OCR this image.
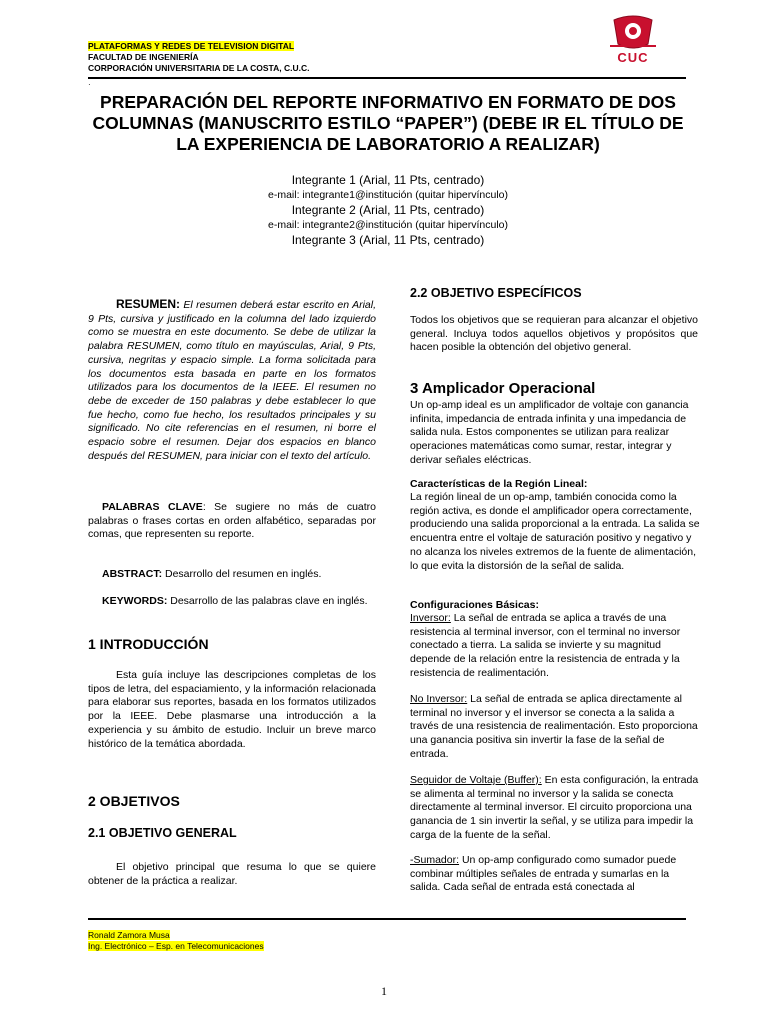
PLATAFORMAS Y REDES DE TELEVISION DIGITAL
FACULTAD DE INGENIERÍA
CORPORACIÓN UNIVERSITARIA DE LA COSTA, C.U.C.
CUC
·
PREPARACIÓN DEL REPORTE INFORMATIVO EN FORMATO DE DOS COLUMNAS (MANUSCRITO ESTILO “PAPER”) (DEBE IR EL TÍTULO DE LA EXPERIENCIA DE LABORATORIO A REALIZAR)
Integrante 1 (Arial, 11 Pts, centrado)
e-mail: integrante1@institución (quitar hipervínculo)
Integrante 2 (Arial, 11 Pts, centrado)
e-mail: integrante2@institución (quitar hipervínculo)
Integrante 3 (Arial, 11 Pts, centrado)
RESUMEN: El resumen deberá estar escrito en Arial, 9 Pts, cursiva y justificado en la columna del lado izquierdo como se muestra en este documento. Se debe de utilizar la palabra RESUMEN, como título en mayúsculas, Arial, 9 Pts, cursiva, negritas y espacio simple. La forma solicitada para los documentos esta basada en parte en los formatos utilizados para los documentos de la IEEE. El resumen no debe de exceder de 150 palabras y debe establecer lo que fue hecho, como fue hecho, los resultados principales y su significado. No cite referencias en el resumen, ni borre el espacio sobre el resumen. Dejar dos espacios en blanco después del RESUMEN, para iniciar con el texto del artículo.
PALABRAS CLAVE: Se sugiere no más de cuatro palabras o frases cortas en orden alfabético, separadas por comas, que representen su reporte.
ABSTRACT: Desarrollo del resumen en inglés.
KEYWORDS: Desarrollo de las palabras clave en inglés.
1 INTRODUCCIÓN
Esta guía incluye las descripciones completas de los tipos de letra, del espaciamiento, y la información relacionada para elaborar sus reportes, basada en los formatos utilizados por la IEEE. Debe plasmarse una introducción a la experiencia y su ámbito de estudio. Incluir un breve marco histórico de la temática abordada.
2 OBJETIVOS
2.1 OBJETIVO GENERAL
El objetivo principal que resuma lo que se quiere obtener de la práctica a realizar.
2.2 OBJETIVO ESPECÍFICOS
Todos los objetivos que se requieran para alcanzar el objetivo general. Incluya todos aquellos objetivos y propósitos que hacen posible la obtención del objetivo general.
3 Amplicador Operacional
Un op-amp ideal es un amplificador de voltaje con ganancia infinita, impedancia de entrada infinita y una impedancia de salida nula. Estos componentes se utilizan para realizar operaciones matemáticas como sumar, restar, integrar y derivar señales eléctricas.
Características de la Región Lineal:
La región lineal de un op-amp, también conocida como la región activa, es donde el amplificador opera correctamente, produciendo una salida proporcional a la entrada. La salida se encuentra entre el voltaje de saturación positivo y negativo y no alcanza los niveles extremos de la fuente de alimentación, lo que evita la distorsión de la señal de salida.
Configuraciones Básicas:
Inversor: La señal de entrada se aplica a través de una resistencia al terminal inversor, con el terminal no inversor conectado a tierra. La salida se invierte y su magnitud depende de la relación entre la resistencia de entrada y la resistencia de realimentación.
No Inversor: La señal de entrada se aplica directamente al terminal no inversor y el inversor se conecta a la salida a través de una resistencia de realimentación. Esto proporciona una ganancia positiva sin invertir la fase de la señal de entrada.
Seguidor de Voltaje (Buffer): En esta configuración, la entrada se alimenta al terminal no inversor y la salida se conecta directamente al terminal inversor. El circuito proporciona una ganancia de 1 sin invertir la señal, y se utiliza para impedir la carga de la fuente de la señal.
-Sumador: Un op-amp configurado como sumador puede combinar múltiples señales de entrada y sumarlas en la salida. Cada señal de entrada está conectada al
Ronald Zamora Musa
Ing. Electrónico – Esp. en Telecomunicaciones
1
